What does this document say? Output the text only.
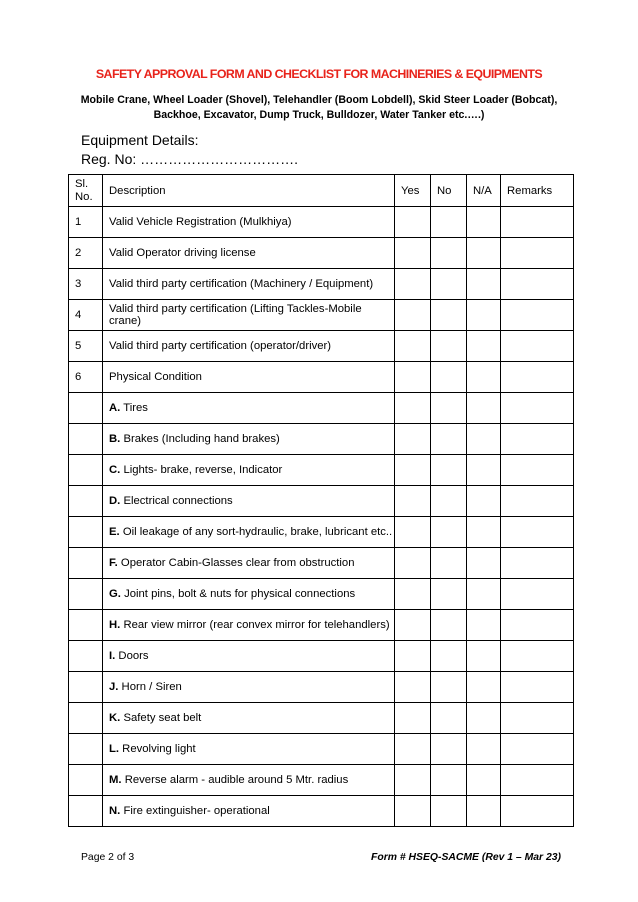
SAFETY APPROVAL FORM AND CHECKLIST FOR MACHINERIES & EQUIPMENTS
Mobile Crane, Wheel Loader (Shovel), Telehandler (Boom Lobdell), Skid Steer Loader (Bobcat),
Backhoe, Excavator, Dump Truck, Bulldozer, Water Tanker etc.….)
Equipment Details:
Reg. No: …………………………….
Sl.
No.	Description	Yes	No	N/A	Remarks
1	Valid Vehicle Registration (Mulkhiya)				
2	Valid Operator driving license				
3	Valid third party certification (Machinery / Equipment)				
4	Valid third party certification (Lifting Tackles-Mobile crane)				
5	Valid third party certification (operator/driver)				
6	Physical Condition				
	A. Tires				
	B. Brakes (Including hand brakes)				
	C. Lights- brake, reverse, Indicator				
	D. Electrical connections				
	E. Oil leakage of any sort-hydraulic, brake, lubricant etc..				
	F. Operator Cabin-Glasses clear from obstruction				
	G. Joint pins, bolt & nuts for physical connections				
	H. Rear view mirror (rear convex mirror for telehandlers)				
	I. Doors				
	J. Horn / Siren				
	K. Safety seat belt				
	L. Revolving light				
	M. Reverse alarm - audible around 5 Mtr. radius				
	N. Fire extinguisher- operational				
Page 2 of 3	Form # HSEQ-SACME (Rev 1 – Mar 23)
